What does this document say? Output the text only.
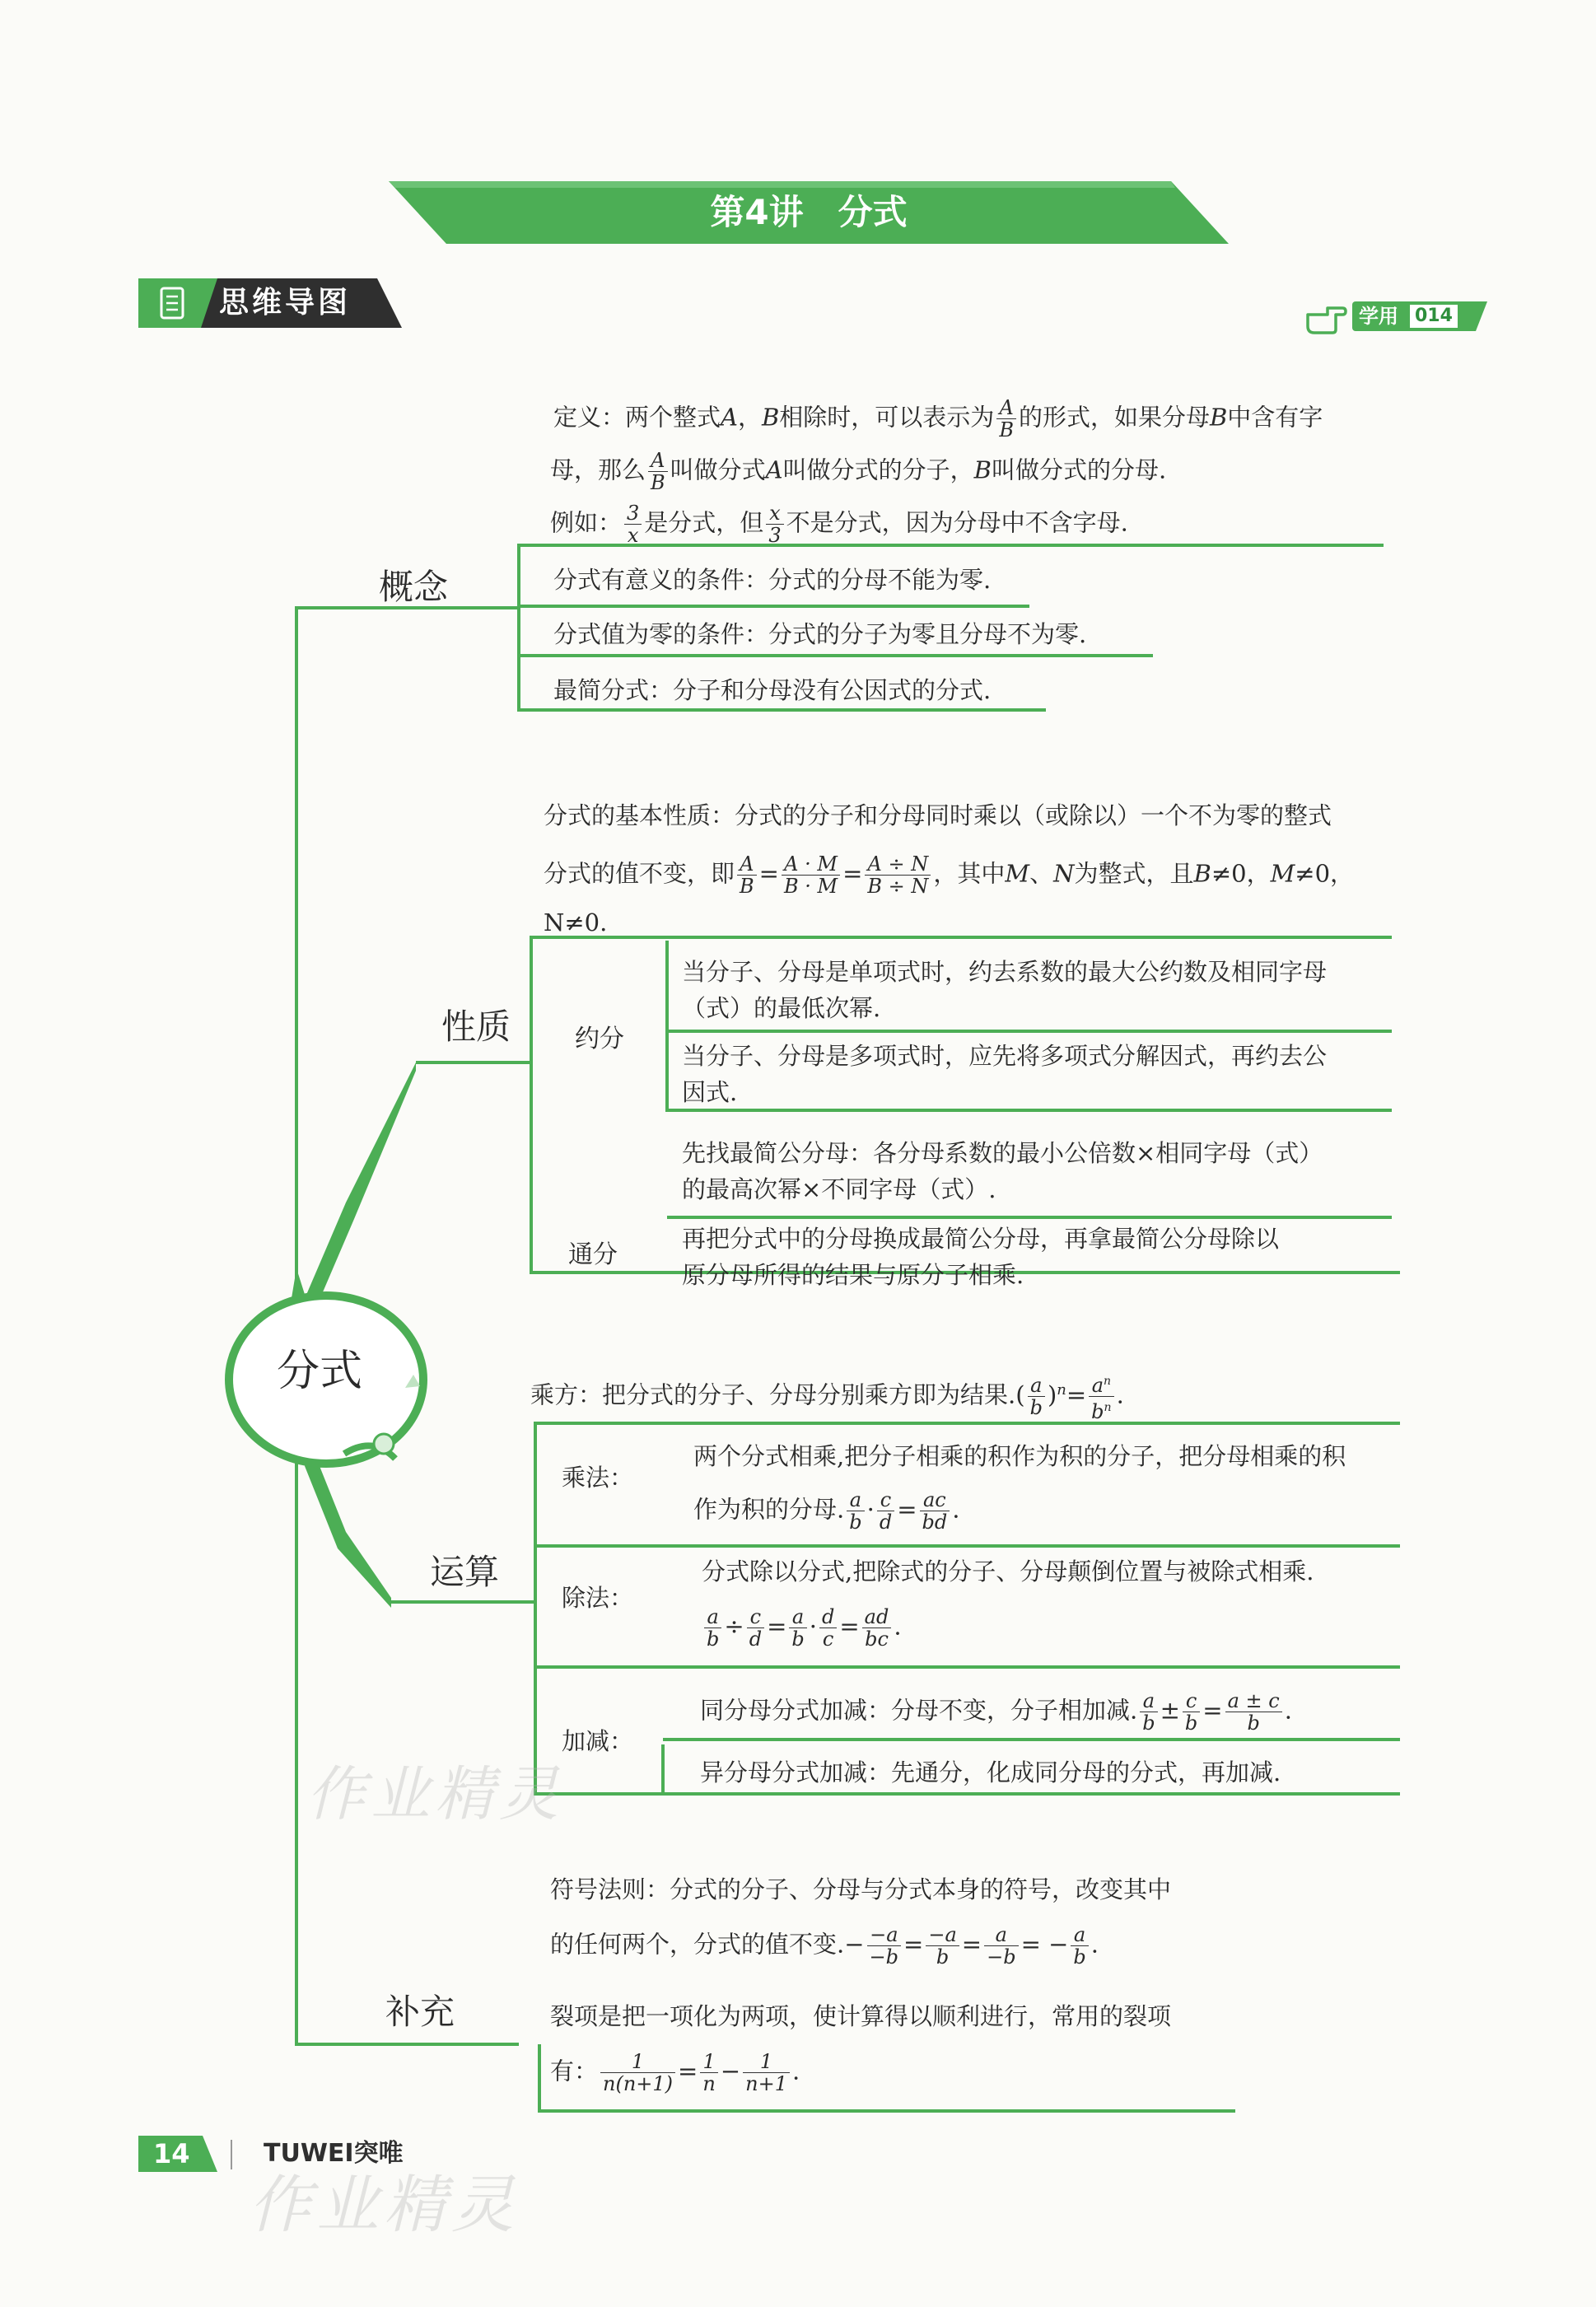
第4讲　分式
思维导图	学用 014
分式
概念
定义：两个整式A，B相除时，可以表示为 $\frac{A}{B}$ 的形式，如果分母B中含有字
母，那么 $\frac{A}{B}$ 叫做分式A叫做分式的分子，B叫做分式的分母.
例如： $\frac{3}{x}$ 是分式，但 $\frac{x}{3}$ 不是分式，因为分母中不含字母.
分式有意义的条件：分式的分母不能为零.
分式值为零的条件：分式的分子为零且分母不为零.
最简分式：分子和分母没有公因式的分式.
性质
分式的基本性质：分式的分子和分母同时乘以（或除以）一个不为零的整式
分式的值不变，即 $\frac{A}{B} = \frac{A \cdot M}{B \cdot M} = \frac{A \div N}{B \div N}$ ，其中M、N为整式，且B≠0，M≠0，
N≠0.
约分
当分子、分母是单项式时，约去系数的最大公约数及相同字母
（式）的最低次幂.
当分子、分母是多项式时，应先将多项式分解因式，再约去公
因式.
通分
先找最简公分母：各分母系数的最小公倍数×相同字母（式）
的最高次幂×不同字母（式）.
再把分式中的分母换成最简公分母，再拿最简公分母除以
原分母所得的结果与原分子相乘.
运算
乘方：把分式的分子、分母分别乘方即为结果.( $\frac{a}{b} )^n= \frac{a^n}{b^n}$ .
乘法：
两个分式相乘,把分子相乘的积作为积的分子，把分母相乘的积
作为积的分母. $\frac{a}{b} \cdot \frac{c}{d} = \frac{ac}{bd}$ .
除法：
分式除以分式,把除式的分子、分母颠倒位置与被除式相乘.
$\frac{a}{b} \div \frac{c}{d} = \frac{a}{b} \cdot \frac{d}{c} = \frac{ad}{bc}$ .
加减：
同分母分式加减：分母不变，分子相加减. $\frac{a}{b} \pm \frac{c}{b} = \frac{a \pm c}{b}$ .
异分母分式加减：先通分，化成同分母的分式，再加减.
补充
符号法则：分式的分子、分母与分式本身的符号，改变其中
的任何两个，分式的值不变.− $\frac{-a}{-b} = \frac{-a}{b} = \frac{a}{-b}$ = − $\frac{a}{b}$ .
裂项是把一项化为两项，使计算得以顺利进行，常用的裂项
有： $\frac{1}{n(n+1)} = \frac{1}{n} - \frac{1}{n+1}$ .
作业精灵
作业精灵
14	TUWEI突唯
